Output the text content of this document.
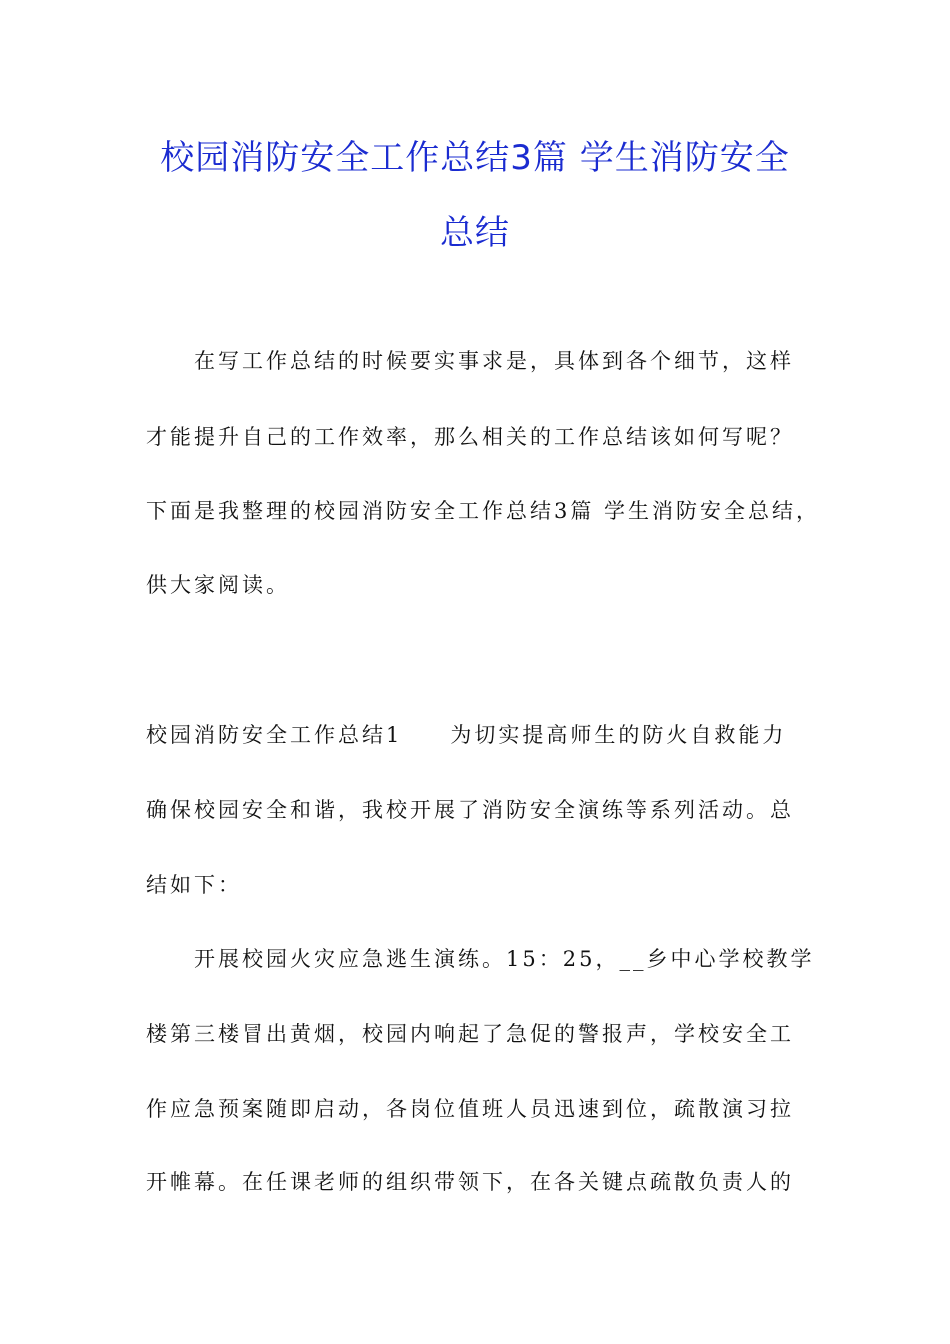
校园消防安全工作总结3篇 学生消防安全
总结
在写工作总结的时候要实事求是，具体到各个细节，这样
才能提升自己的工作效率，那么相关的工作总结该如何写呢？
下面是我整理的校园消防安全工作总结3篇 学生消防安全总结，
供大家阅读。
校园消防安全工作总结1　　为切实提高师生的防火自救能力
确保校园安全和谐，我校开展了消防安全演练等系列活动。总
结如下：
开展校园火灾应急逃生演练。15：25，__乡中心学校教学
楼第三楼冒出黄烟，校园内响起了急促的警报声，学校安全工
作应急预案随即启动，各岗位值班人员迅速到位，疏散演习拉
开帷幕。在任课老师的组织带领下，在各关键点疏散负责人的
